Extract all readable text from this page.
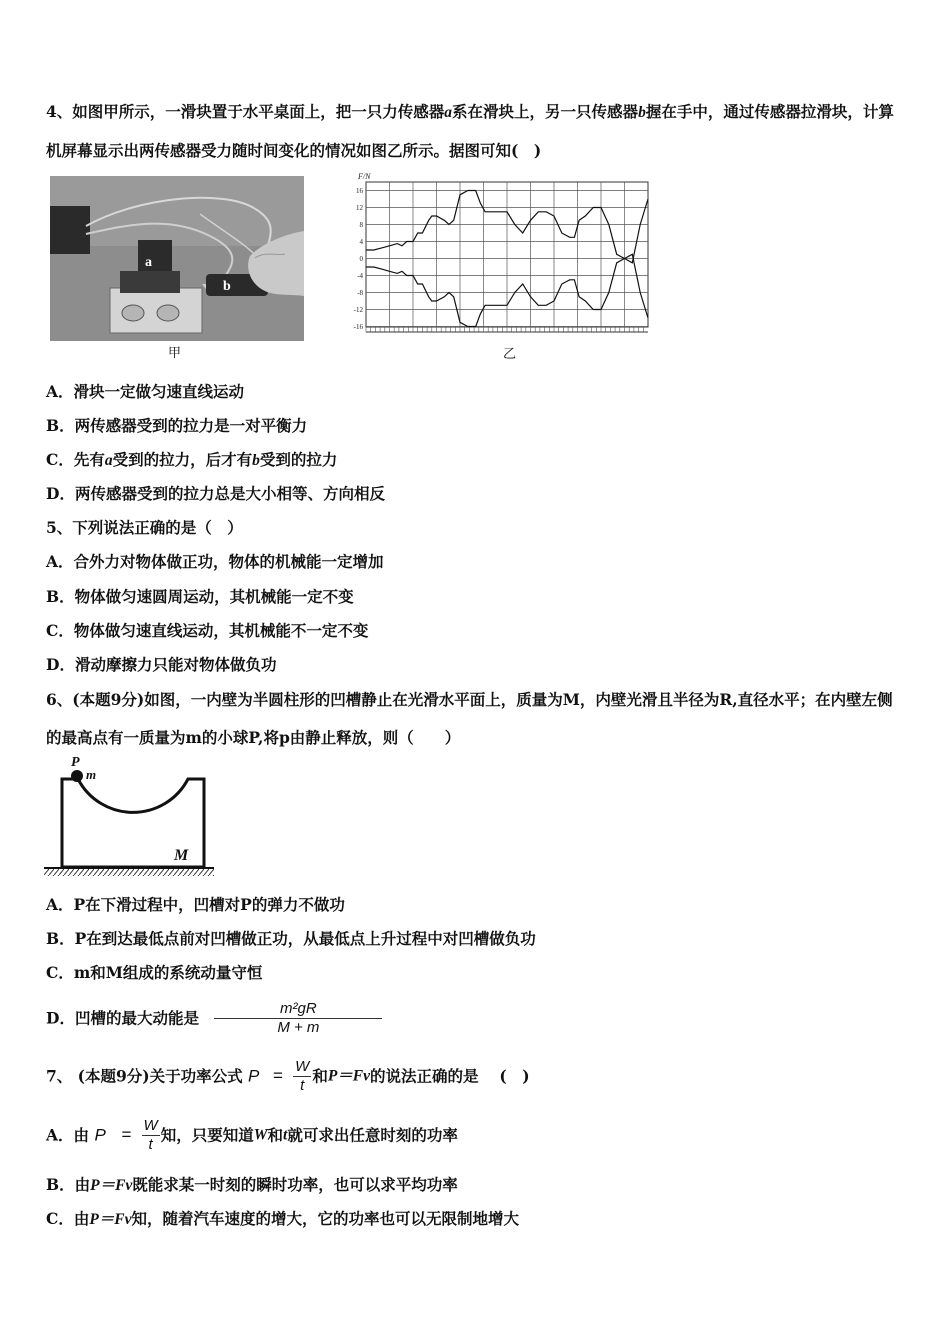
4、如图甲所示，一滑块置于水平桌面上，把一只力传感器a系在滑块上，另一只传感器b握在手中，通过传感器拉滑块，计算机屏幕显示出两传感器受力随时间变化的情况如图乙所示。据图可知(　)
a
b
甲
F/N
16
12
8
4
0
-4
-8
-12
-16
乙
A．滑块一定做匀速直线运动
B．两传感器受到的拉力是一对平衡力
C．先有a受到的拉力，后才有b受到的拉力
D．两传感器受到的拉力总是大小相等、方向相反
5、下列说法正确的是（　）
A．合外力对物体做正功，物体的机械能一定增加
B．物体做匀速圆周运动，其机械能一定不变
C．物体做匀速直线运动，其机械能不一定不变
D．滑动摩擦力只能对物体做负功
6、(本题9分)如图，一内壁为半圆柱形的凹槽静止在光滑水平面上，质量为M，内壁光滑且半径为R,直径水平；在内壁左侧的最高点有一质量为m的小球P,将p由静止释放，则（　　）
P
m
M
A．P在下滑过程中，凹槽对P的弹力不做功
B．P在到达最低点前对凹槽做正功，从最低点上升过程中对凹槽做负功
C．m和M组成的系统动量守恒
D．凹槽的最大动能是 $\frac{\text{m²gR}}{M + m}$
7、 (本题9分)关于功率公式 $P = \frac{W}{t}$ 和P＝Fv的说法正确的是　 (　)
A．由 $P = \frac{W}{t}$ 知，只要知道W和t就可求出任意时刻的功率
B．由P＝Fv既能求某一时刻的瞬时功率，也可以求平均功率
C．由P＝Fv知，随着汽车速度的增大，它的功率也可以无限制地增大
